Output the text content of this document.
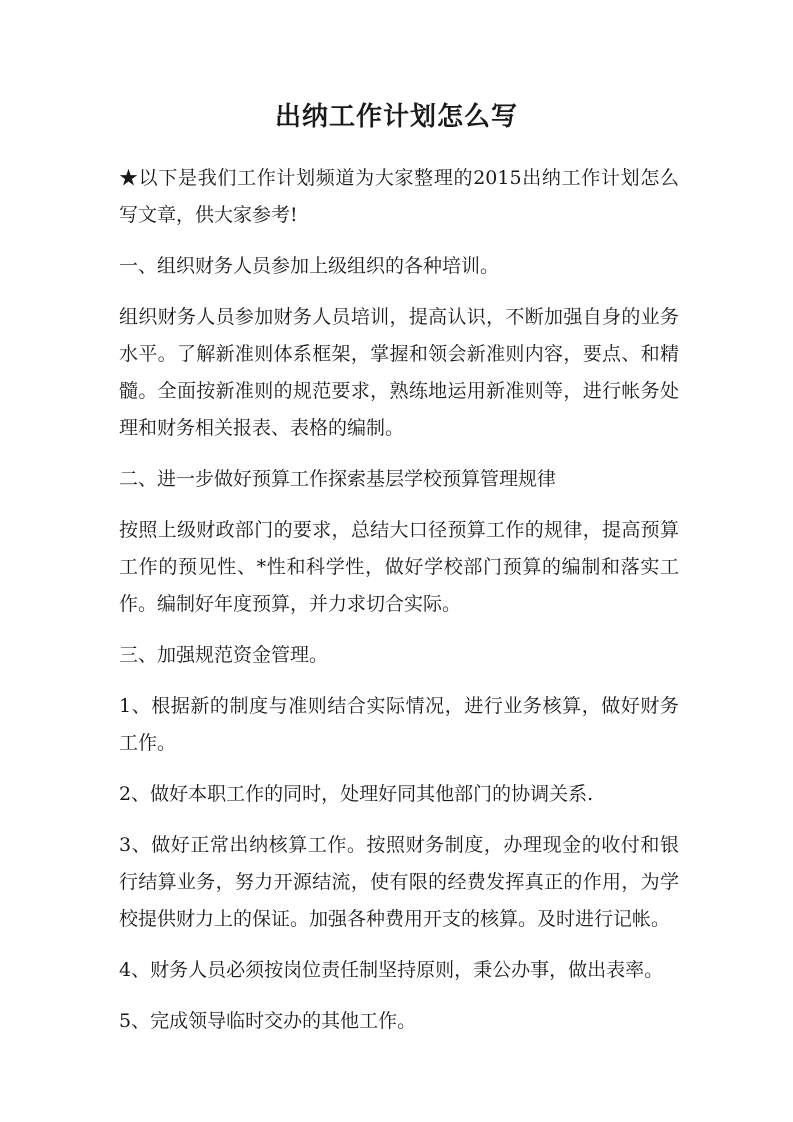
出纳工作计划怎么写

★以下是我们工作计划频道为大家整理的2015出纳工作计划怎么写文章，供大家参考!

一、组织财务人员参加上级组织的各种培训。

组织财务人员参加财务人员培训，提高认识，不断加强自身的业务水平。了解新准则体系框架，掌握和领会新准则内容，要点、和精髓。全面按新准则的规范要求，熟练地运用新准则等，进行帐务处理和财务相关报表、表格的编制。

二、进一步做好预算工作探索基层学校预算管理规律

按照上级财政部门的要求，总结大口径预算工作的规律，提高预算工作的预见性、*性和科学性，做好学校部门预算的编制和落实工作。编制好年度预算，并力求切合实际。

三、加强规范资金管理。

1、根据新的制度与准则结合实际情况，进行业务核算，做好财务工作。

2、做好本职工作的同时，处理好同其他部门的协调关系.

3、做好正常出纳核算工作。按照财务制度，办理现金的收付和银行结算业务，努力开源结流，使有限的经费发挥真正的作用，为学校提供财力上的保证。加强各种费用开支的核算。及时进行记帐。

4、财务人员必须按岗位责任制坚持原则，秉公办事，做出表率。

5、完成领导临时交办的其他工作。
